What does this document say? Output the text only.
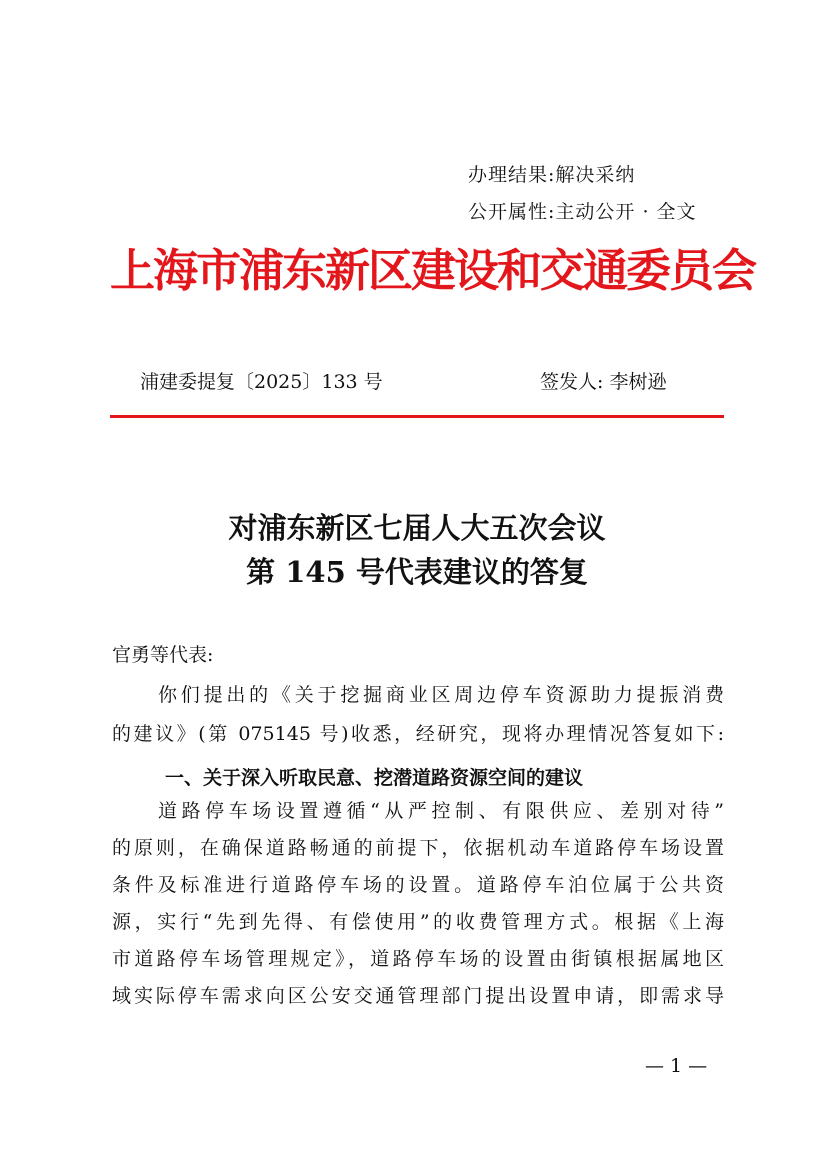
办理结果:解决采纳
公开属性:主动公开 · 全文
上海市浦东新区建设和交通委员会
浦建委提复〔2025〕133 号	签发人: 李树逊
对浦东新区七届人大五次会议
第 145 号代表建议的答复
官勇等代表:
你们提出的《关于挖掘商业区周边停车资源助力提振消费
的建议》(第 075145 号)收悉，经研究，现将办理情况答复如下:
一、关于深入听取民意、挖潜道路资源空间的建议
道路停车场设置遵循“从严控制、有限供应、差别对待”
的原则，在确保道路畅通的前提下，依据机动车道路停车场设置
条件及标准进行道路停车场的设置。道路停车泊位属于公共资
源，实行“先到先得、有偿使用”的收费管理方式。根据《上海
市道路停车场管理规定》，道路停车场的设置由街镇根据属地区
域实际停车需求向区公安交通管理部门提出设置申请，即需求导
— 1 —
